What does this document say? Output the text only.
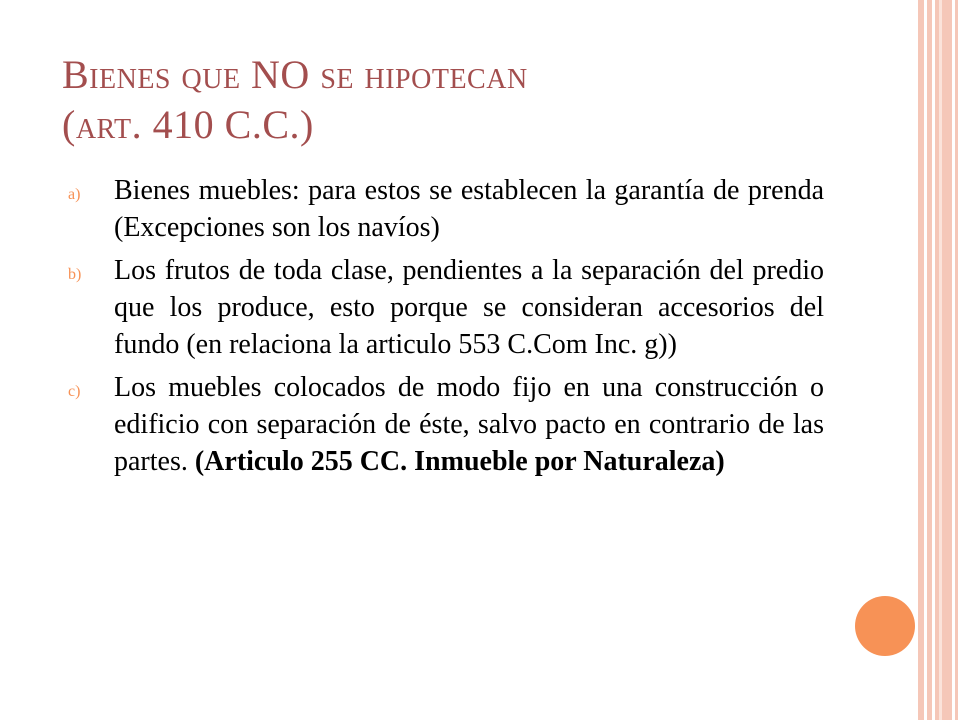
Bienes que NO se hipotecan
(art. 410 C.C.)
a) Bienes muebles: para estos se establecen la garantía de prenda (Excepciones son los navíos)
b) Los frutos de toda clase, pendientes a la separación del predio que los produce, esto porque se consideran accesorios del fundo (en relaciona la articulo 553 C.Com Inc. g))
c) Los muebles colocados de modo fijo en una construcción o edificio con separación de éste, salvo pacto en contrario de las partes. (Articulo 255 CC. Inmueble por Naturaleza)
